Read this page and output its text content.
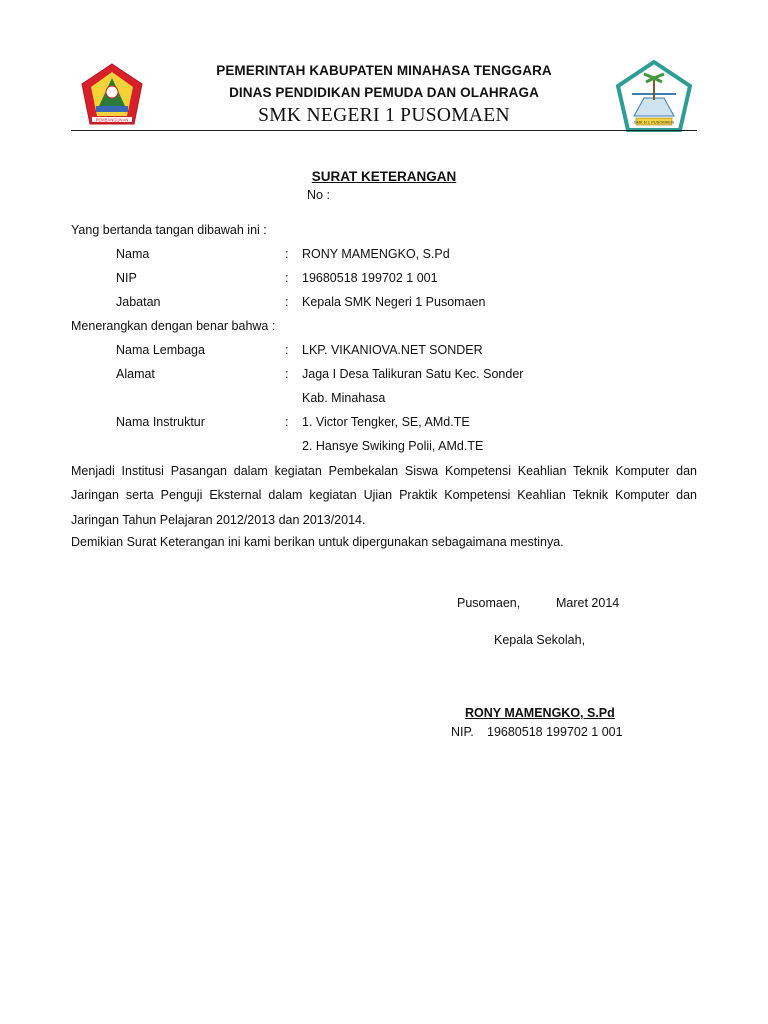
PEMBANGUNAN	SMK N 1 PUSOMAEN
PEMERINTAH KABUPATEN MINAHASA TENGGARA
DINAS PENDIDIKAN PEMUDA DAN OLAHRAGA
SMK NEGERI 1 PUSOMAEN
SURAT KETERANGAN
No :
Yang bertanda tangan dibawah ini :
Nama	: RONY MAMENGKO, S.Pd
NIP	: 19680518 199702 1 001
Jabatan	: Kepala SMK Negeri 1 Pusomaen
Menerangkan dengan benar bahwa :
Nama Lembaga	: LKP. VIKANIOVA.NET SONDER
Alamat	: Jaga I Desa Talikuran Satu Kec. Sonder
Kab. Minahasa
Nama Instruktur	: 1. Victor Tengker, SE, AMd.TE
2. Hansye Swiking Polii, AMd.TE
Menjadi Institusi Pasangan dalam kegiatan Pembekalan Siswa Kompetensi Keahlian Teknik Komputer dan Jaringan serta Penguji Eksternal dalam kegiatan Ujian Praktik Kompetensi Keahlian Teknik Komputer dan Jaringan Tahun Pelajaran 2012/2013 dan 2013/2014.
Demikian Surat Keterangan ini kami berikan untuk dipergunakan sebagaimana mestinya.
Pusomaen,	Maret 2014
Kepala Sekolah,
RONY MAMENGKO, S.Pd
NIP. 19680518 199702 1 001
